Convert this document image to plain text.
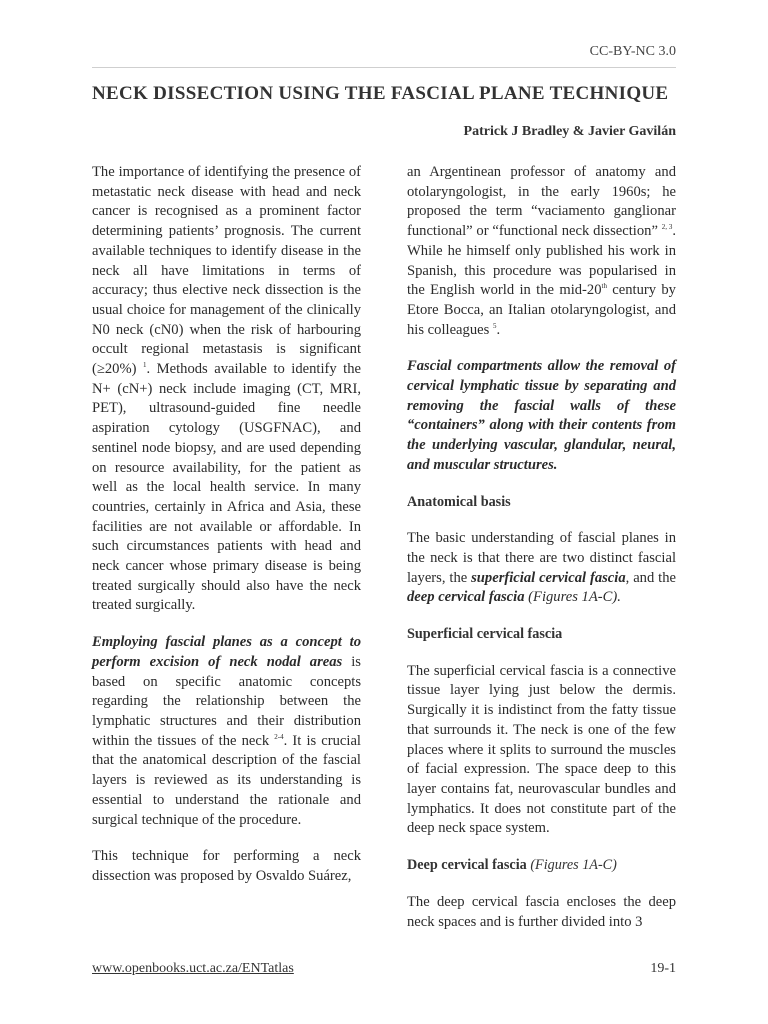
CC-BY-NC 3.0
NECK DISSECTION USING THE FASCIAL PLANE TECHNIQUE
Patrick J Bradley & Javier Gavilán

The importance of identifying the presence of metastatic neck disease with head and neck cancer is recognised as a prominent factor determining patients’ prognosis. The current available techniques to identify disease in the neck all have limitations in terms of accuracy; thus elective neck dissection is the usual choice for management of the clinically N0 neck (cN0) when the risk of harbouring occult regional metastasis is significant (≥20%) $^1$. Methods available to identify the N+ (cN+) neck include imaging (CT, MRI, PET), ultrasound-guided fine needle aspiration cytology (USGFNAC), and sentinel node biopsy, and are used depending on resource availability, for the patient as well as the local health service. In many countries, certainly in Africa and Asia, these facilities are not available or affordable. In such circumstances patients with head and neck cancer whose primary disease is being treated surgically should also have the neck treated surgically.

Employing fascial planes as a concept to perform excision of neck nodal areas is based on specific anatomic concepts regarding the relationship between the lymphatic structures and their distribution within the tissues of the neck $^{2-4}$. It is crucial that the anatomical description of the fascial layers is reviewed as its understanding is essential to understand the rationale and surgical technique of the procedure.

This technique for performing a neck dissection was proposed by Osvaldo Suárez,

an Argentinean professor of anatomy and otolaryngologist, in the early 1960s; he proposed the term “vaciamento ganglionar functional” or “functional neck dissection” $^{2, 3}$. While he himself only published his work in Spanish, this procedure was popularised in the English world in the mid-20th century by Etore Bocca, an Italian otolaryngologist, and his colleagues $^5$.

Fascial compartments allow the removal of cervical lymphatic tissue by separating and removing the fascial walls of these “containers” along with their contents from the underlying vascular, glandular, neural, and muscular structures.

Anatomical basis

The basic understanding of fascial planes in the neck is that there are two distinct fascial layers, the superficial cervical fascia, and the deep cervical fascia (Figures 1A-C).

Superficial cervical fascia

The superficial cervical fascia is a connective tissue layer lying just below the dermis. Surgically it is indistinct from the fatty tissue that surrounds it. The neck is one of the few places where it splits to surround the muscles of facial expression. The space deep to this layer contains fat, neurovascular bundles and lymphatics. It does not constitute part of the deep neck space system.

Deep cervical fascia (Figures 1A-C)

The deep cervical fascia encloses the deep neck spaces and is further divided into 3

www.openbooks.uct.ac.za/ENTatlas	19-1
